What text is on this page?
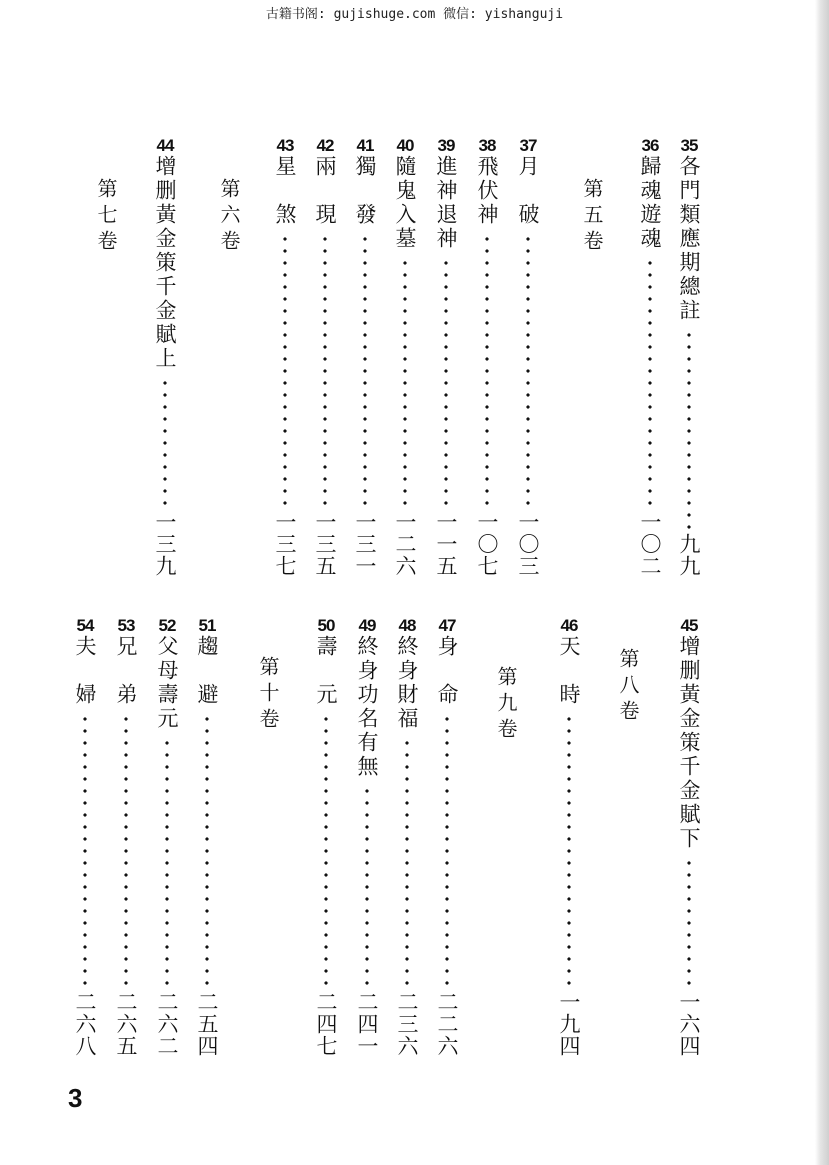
古籍书阁: gujishuge.com 微信: yishanguji
35
各門類應期總註
九九
36
歸魂遊魂
一〇二
第五卷
37
月　破
一〇三
38
飛伏神
一〇七
39
進神退神
一一五
40
隨鬼入墓
一二六
41
獨　發
一三一
42
兩　現
一三五
43
星　煞
一三七
第六卷
44
增删黃金策千金賦上
一三九
第七卷
45
增删黃金策千金賦下
一六四
第八卷
46
天　時
一九四
第九卷
47
身　命
二二六
48
終身財福
二三六
49
終身功名有無
二四一
50
壽　元
二四七
第十卷
51
趨　避
二五四
52
父母壽元
二六二
53
兄　弟
二六五
54
夫　婦
二六八
3
